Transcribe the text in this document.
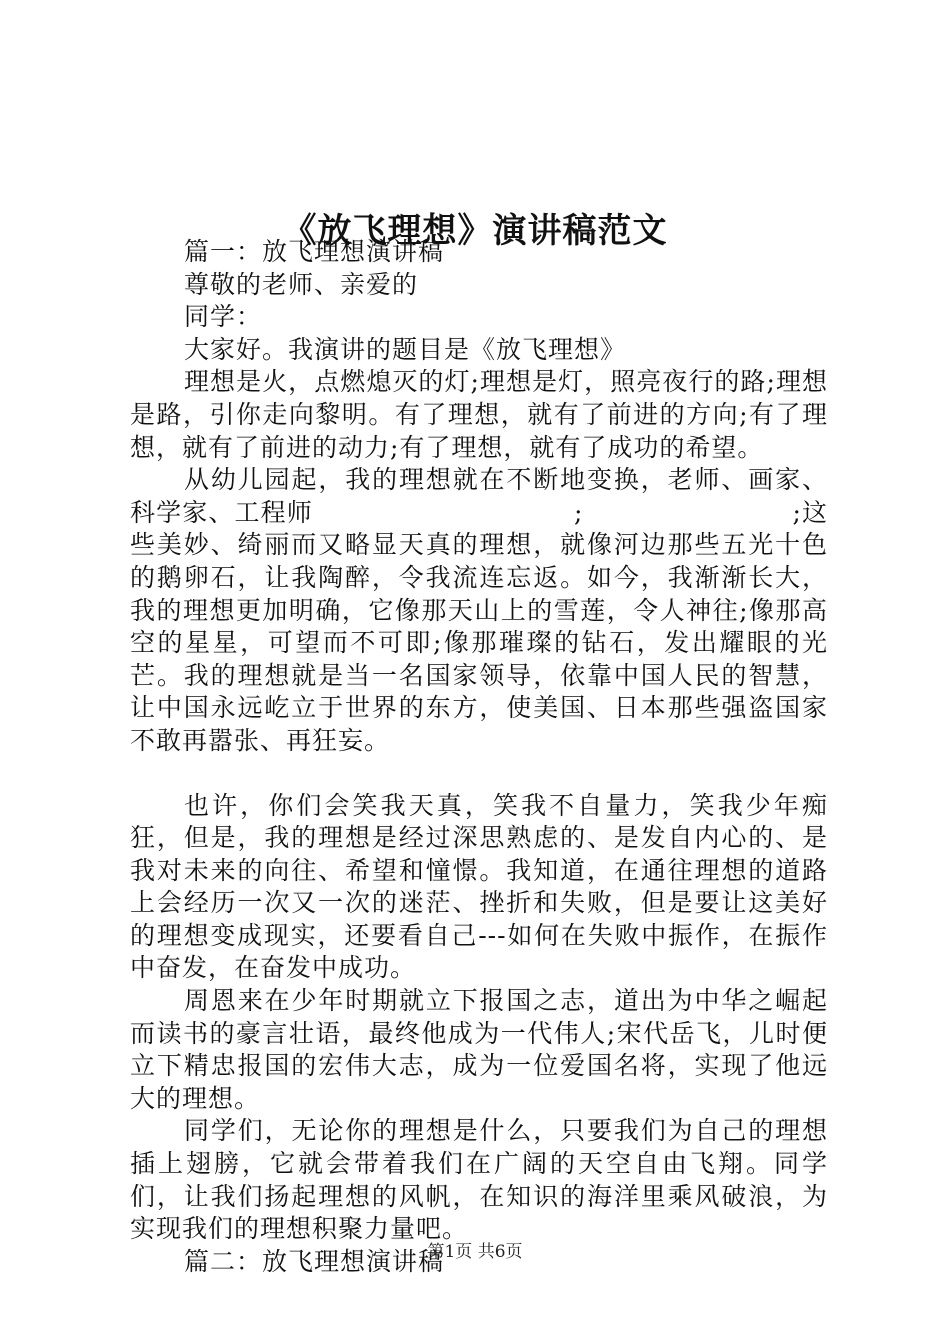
《放飞理想》演讲稿范文

篇一：放飞理想演讲稿

尊敬的老师、亲爱的

同学：

大家好。我演讲的题目是《放飞理想》

理想是火，点燃熄灭的灯;理想是灯，照亮夜行的路;理想是路，引你走向黎明。有了理想，就有了前进的方向;有了理想，就有了前进的动力;有了理想，就有了成功的希望。

从幼儿园起，我的理想就在不断地变换，老师、画家、科学家、工程师　　　　　　　　　　;　　　　　　　　;这些美妙、绮丽而又略显天真的理想，就像河边那些五光十色的鹅卵石，让我陶醉，令我流连忘返。如今，我渐渐长大，我的理想更加明确，它像那天山上的雪莲，令人神往;像那高空的星星，可望而不可即;像那璀璨的钻石，发出耀眼的光芒。我的理想就是当一名国家领导，依靠中国人民的智慧，让中国永远屹立于世界的东方，使美国、日本那些强盗国家不敢再嚣张、再狂妄。

也许，你们会笑我天真，笑我不自量力，笑我少年痴狂，但是，我的理想是经过深思熟虑的、是发自内心的、是我对未来的向往、希望和憧憬。我知道，在通往理想的道路上会经历一次又一次的迷茫、挫折和失败，但是要让这美好的理想变成现实，还要看自己---如何在失败中振作，在振作中奋发，在奋发中成功。

周恩来在少年时期就立下报国之志，道出为中华之崛起而读书的豪言壮语，最终他成为一代伟人;宋代岳飞，儿时便立下精忠报国的宏伟大志，成为一位爱国名将，实现了他远大的理想。

同学们，无论你的理想是什么，只要我们为自己的理想插上翅膀，它就会带着我们在广阔的天空自由飞翔。同学们，让我们扬起理想的风帆，在知识的海洋里乘风破浪，为实现我们的理想积聚力量吧。

篇二：放飞理想演讲稿

第1页 共6页
